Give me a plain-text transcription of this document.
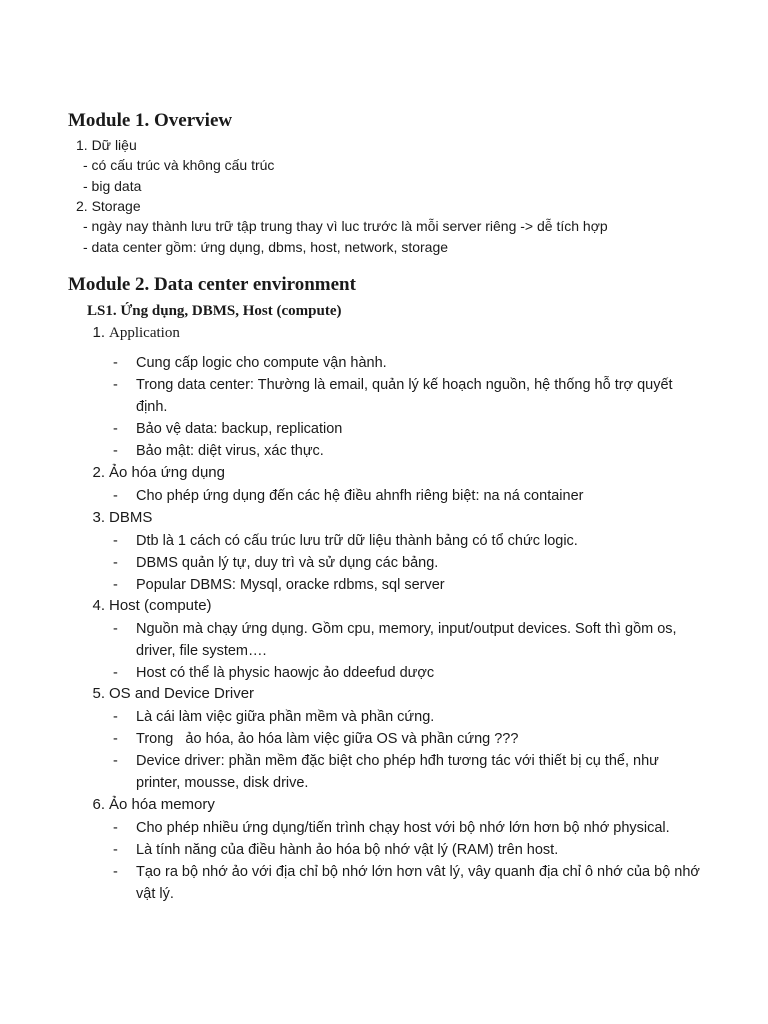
Module 1. Overview
1. Dữ liệu
- có cấu trúc và không cấu trúc
- big data
2. Storage
- ngày nay thành lưu trữ tập trung thay vì luc trước là mỗi server riêng -> dễ tích hợp
- data center gồm: ứng dụng, dbms, host, network, storage
Module 2. Data center environment
LS1. Ứng dụng, DBMS, Host (compute)
1. Application
- Cung cấp logic cho compute vận hành.
- Trong data center: Thường là email, quản lý kế hoạch nguồn, hệ thống hỗ trợ quyết định.
- Bảo vệ data: backup, replication
- Bảo mật: diệt virus, xác thực.
2. Ảo hóa ứng dụng
- Cho phép ứng dụng đến các hệ điều ahnfh riêng biệt: na ná container
3. DBMS
- Dtb là 1 cách có cấu trúc lưu trữ dữ liệu thành bảng có tổ chức logic.
- DBMS quản lý tự, duy trì và sử dụng các bảng.
- Popular DBMS: Mysql, oracke rdbms, sql server
4. Host (compute)
- Nguồn mà chạy ứng dụng. Gồm cpu, memory, input/output devices. Soft thì gồm os, driver, file system….
- Host có thể là physic haowjc ảo ddeefud dược
5. OS and Device Driver
- Là cái làm việc giữa phần mềm và phần cứng.
- Trong   ảo hóa, ảo hóa làm việc giữa OS và phần cứng ???
- Device driver: phần mềm đặc biệt cho phép hđh tương tác với thiết bị cụ thể, như printer, mousse, disk drive.
6. Ảo hóa memory
- Cho phép nhiều ứng dụng/tiến trình chạy host với bộ nhớ lớn hơn bộ nhớ physical.
- Là tính năng của điều hành ảo hóa bộ nhớ vật lý (RAM) trên host.
- Tạo ra bộ nhớ ảo với địa chỉ bộ nhớ lớn hơn vât lý, vây quanh địa chỉ ô nhớ của bộ nhớ vật lý.
